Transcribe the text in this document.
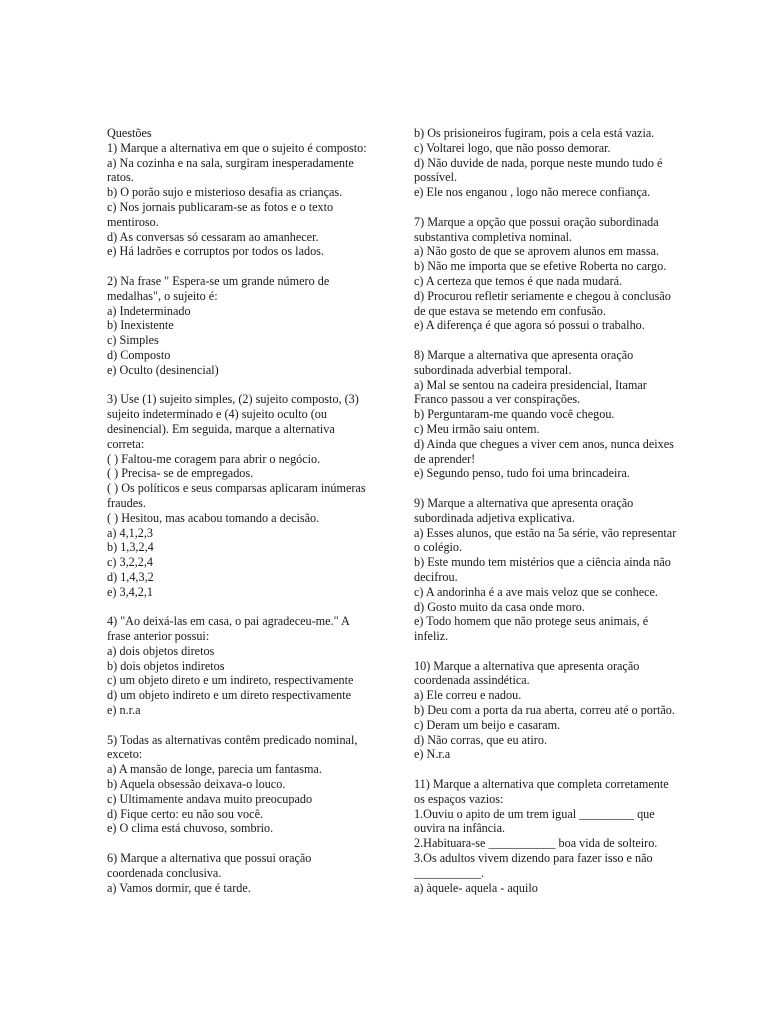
Questões

1) Marque a alternativa em que o sujeito é composto:
a) Na cozinha e na sala, surgiram inesperadamente ratos.
b) O porão sujo e misterioso desafia as crianças.
c) Nos jornais publicaram-se as fotos e o texto mentiroso.
d) As conversas só cessaram ao amanhecer.
e) Há ladrões e corruptos por todos os lados.
2) Na frase " Espera-se um grande número de medalhas", o sujeito é:
a) Indeterminado
b) Inexistente
c) Simples
d) Composto
e) Oculto (desinencial)
3) Use (1) sujeito simples, (2) sujeito composto, (3) sujeito indeterminado e (4) sujeito oculto (ou desinencial). Em seguida, marque a alternativa correta:
( ) Faltou-me coragem para abrir o negócio.
( ) Precisa- se de empregados.
( ) Os políticos e seus comparsas aplicaram inúmeras fraudes.
( ) Hesitou, mas acabou tomando a decisão.
a) 4,1,2,3
b) 1,3,2,4
c) 3,2,2,4
d) 1,4,3,2
e) 3,4,2,1
4) "Ao deixá-las em casa, o pai agradeceu-me." A frase anterior possui:
a) dois objetos diretos
b) dois objetos indiretos
c) um objeto direto e um indireto, respectivamente
d) um objeto indireto e um direto respectivamente
e) n.r.a
5) Todas as alternativas contêm predicado nominal, exceto:
a) A mansão de longe, parecia um fantasma.
b) Aquela obsessão deixava-o louco.
c) Ultimamente andava muito preocupado
d) Fique certo: eu não sou você.
e) O clima está chuvoso, sombrio.
6) Marque a alternativa que possui oração coordenada conclusiva.
a) Vamos dormir, que é tarde.
b) Os prisioneiros fugiram, pois a cela está vazia.
c) Voltarei logo, que não posso demorar.
d) Não duvide de nada, porque neste mundo tudo é possível.
e) Ele nos enganou , logo não merece confiança.
7) Marque a opção que possui oração subordinada substantiva completiva nominal.
a) Não gosto de que se aprovem alunos em massa.
b) Não me importa que se efetive Roberta no cargo.
c) A certeza que temos é que nada mudará.
d) Procurou refletir seriamente e chegou à conclusão de que estava se metendo em confusão.
e) A diferença é que agora só possui o trabalho.
8) Marque a alternativa que apresenta oração subordinada adverbial temporal.
a) Mal se sentou na cadeira presidencial, Itamar Franco passou a ver conspirações.
b) Perguntaram-me quando você chegou.
c) Meu irmão saiu ontem.
d) Ainda que chegues a viver cem anos, nunca deixes de aprender!
e) Segundo penso, tudo foi uma brincadeira.
9) Marque a alternativa que apresenta oração subordinada adjetiva explicativa.
a) Esses alunos, que estão na 5a série, vão representar o colégio.
b) Este mundo tem mistérios que a ciência ainda não decifrou.
c) A andorinha é a ave mais veloz que se conhece.
d) Gosto muito da casa onde moro.
e) Todo homem que não protege seus animais, é infeliz.
10) Marque a alternativa que apresenta oração coordenada assindética.
a) Ele correu e nadou.
b) Deu com a porta da rua aberta, correu até o portão.
c) Deram um beijo e casaram.
d) Não corras, que eu atiro.
e) N.r.a
11) Marque a alternativa que completa corretamente os espaços vazios:
1.Ouviu o apito de um trem igual _________ que ouvira na infância.
2.Habituara-se ___________ boa vida de solteiro.
3.Os adultos vivem dizendo para fazer isso e não ___________.
a) àquele- aquela - aquilo
